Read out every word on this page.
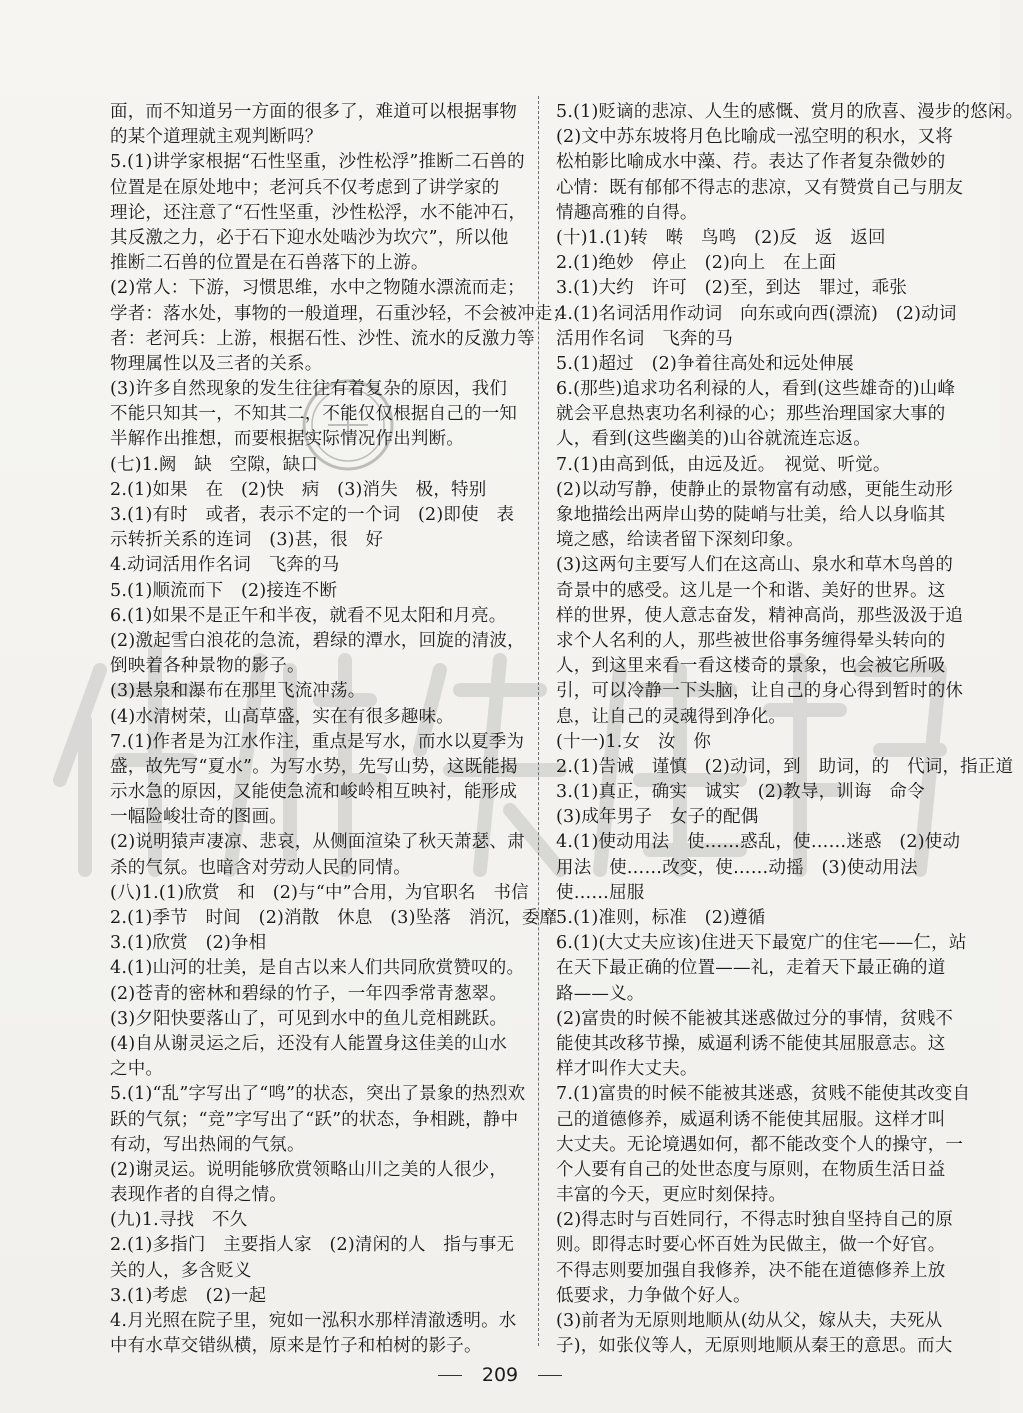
面，而不知道另一方面的很多了，难道可以根据事物
的某个道理就主观判断吗？
5.(1)讲学家根据“石性坚重，沙性松浮”推断二石兽的
位置是在原处地中；老河兵不仅考虑到了讲学家的
理论，还注意了“石性坚重，沙性松浮，水不能冲石，
其反激之力，必于石下迎水处啮沙为坎穴”，所以他
推断二石兽的位置是在石兽落下的上游。
(2)常人：下游，习惯思维，水中之物随水漂流而走；
学者：落水处，事物的一般道理，石重沙轻，不会被冲走；
者：老河兵：上游，根据石性、沙性、流水的反激力等
物理属性以及三者的关系。
(3)许多自然现象的发生往往有着复杂的原因，我们
不能只知其一，不知其二，不能仅仅根据自己的一知
半解作出推想，而要根据实际情况作出判断。
(七)1.阙　缺　空隙，缺口
2.(1)如果　在　(2)快　病　(3)消失　极，特别
3.(1)有时　或者，表示不定的一个词　(2)即使　表
示转折关系的连词　(3)甚，很　好
4.动词活用作名词　飞奔的马
5.(1)顺流而下　(2)接连不断
6.(1)如果不是正午和半夜，就看不见太阳和月亮。
(2)激起雪白浪花的急流，碧绿的潭水，回旋的清波，
倒映着各种景物的影子。
(3)悬泉和瀑布在那里飞流冲荡。
(4)水清树荣，山高草盛，实在有很多趣味。
7.(1)作者是为江水作注，重点是写水，而水以夏季为
盛，故先写“夏水”。为写水势，先写山势，这既能揭
示水急的原因，又能使急流和峻岭相互映衬，能形成
一幅险峻壮奇的图画。
(2)说明猿声凄凉、悲哀，从侧面渲染了秋天萧瑟、肃
杀的气氛。也暗含对劳动人民的同情。
(八)1.(1)欣赏　和　(2)与“中”合用，为官职名　书信
2.(1)季节　时间　(2)消散　休息　(3)坠落　消沉，委靡
3.(1)欣赏　(2)争相
4.(1)山河的壮美，是自古以来人们共同欣赏赞叹的。
(2)苍青的密林和碧绿的竹子，一年四季常青葱翠。
(3)夕阳快要落山了，可见到水中的鱼儿竞相跳跃。
(4)自从谢灵运之后，还没有人能置身这佳美的山水
之中。
5.(1)“乱”字写出了“鸣”的状态，突出了景象的热烈欢
跃的气氛；“竞”字写出了“跃”的状态，争相跳，静中
有动，写出热闹的气氛。
(2)谢灵运。说明能够欣赏领略山川之美的人很少，
表现作者的自得之情。
(九)1.寻找　不久
2.(1)多指门　主要指人家　(2)清闲的人　指与事无
关的人，多含贬义
3.(1)考虑　(2)一起
4.月光照在院子里，宛如一泓积水那样清澈透明。水
中有水草交错纵横，原来是竹子和柏树的影子。
5.(1)贬谪的悲凉、人生的感慨、赏月的欣喜、漫步的悠闲。
(2)文中苏东坡将月色比喻成一泓空明的积水，又将
松柏影比喻成水中藻、荇。表达了作者复杂微妙的
心情：既有郁郁不得志的悲凉，又有赞赏自己与朋友
情趣高雅的自得。
(十)1.(1)转　啭　鸟鸣　(2)反　返　返回
2.(1)绝妙　停止　(2)向上　在上面
3.(1)大约　许可　(2)至，到达　罪过，乖张
4.(1)名词活用作动词　向东或向西(漂流)　(2)动词
活用作名词　飞奔的马
5.(1)超过　(2)争着往高处和远处伸展
6.(那些)追求功名利禄的人，看到(这些雄奇的)山峰
就会平息热衷功名利禄的心；那些治理国家大事的
人，看到(这些幽美的)山谷就流连忘返。
7.(1)由高到低，由远及近。　视觉、听觉。
(2)以动写静，使静止的景物富有动感，更能生动形
象地描绘出两岸山势的陡峭与壮美，给人以身临其
境之感，给读者留下深刻印象。
(3)这两句主要写人们在这高山、泉水和草木鸟兽的
奇景中的感受。这儿是一个和谐、美好的世界。这
样的世界，使人意志奋发，精神高尚，那些汲汲于追
求个人名利的人，那些被世俗事务缠得晕头转向的
人，到这里来看一看这楼奇的景象，也会被它所吸
引，可以冷静一下头脑，让自己的身心得到暂时的休
息，让自己的灵魂得到净化。
(十一)1.女　汝　你
2.(1)告诫　谨慎　(2)动词，到　助词，的　代词，指正道
3.(1)真正，确实　诚实　(2)教导，训诲　命令
(3)成年男子　女子的配偶
4.(1)使动用法　使……惑乱，使……迷惑　(2)使动
用法　使……改变，使……动摇　(3)使动用法
使……屈服
5.(1)准则，标准　(2)遵循
6.(1)(大丈夫应该)住进天下最宽广的住宅——仁，站
在天下最正确的位置——礼，走着天下最正确的道
路——义。
(2)富贵的时候不能被其迷惑做过分的事情，贫贱不
能使其改移节操，威逼利诱不能使其屈服意志。这
样才叫作大丈夫。
7.(1)富贵的时候不能被其迷惑，贫贱不能使其改变自
己的道德修养，威逼利诱不能使其屈服。这样才叫
大丈夫。无论境遇如何，都不能改变个人的操守，一
个人要有自己的处世态度与原则，在物质生活日益
丰富的今天，更应时刻保持。
(2)得志时与百姓同行，不得志时独自坚持自己的原
则。即得志时要心怀百姓为民做主，做一个好官。
不得志则要加强自我修养，决不能在道德修养上放
低要求，力争做个好人。
(3)前者为无原则地顺从(幼从父，嫁从夫，夫死从
子)，如张仪等人，无原则地顺从秦王的意思。而大
209
